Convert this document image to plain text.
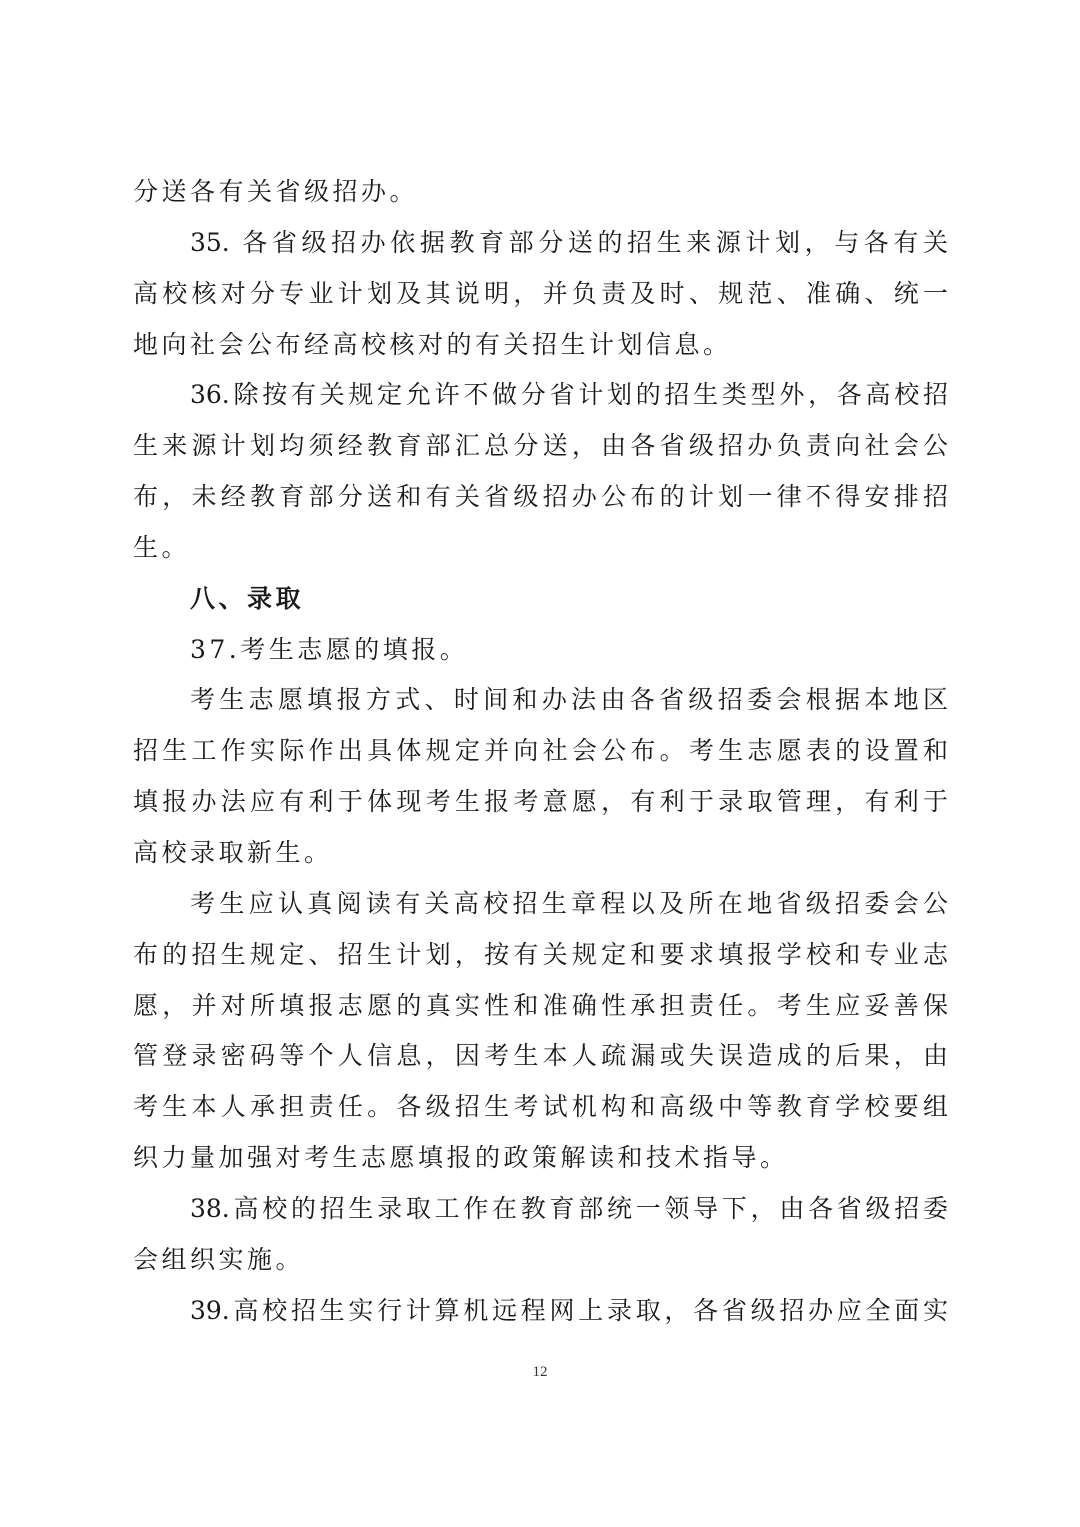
分送各有关省级招办。
35. 各省级招办依据教育部分送的招生来源计划，与各有关
高校核对分专业计划及其说明，并负责及时、规范、准确、统一
地向社会公布经高校核对的有关招生计划信息。
36.除按有关规定允许不做分省计划的招生类型外，各高校招
生来源计划均须经教育部汇总分送，由各省级招办负责向社会公
布，未经教育部分送和有关省级招办公布的计划一律不得安排招
生。
八、录取
37.考生志愿的填报。
考生志愿填报方式、时间和办法由各省级招委会根据本地区
招生工作实际作出具体规定并向社会公布。考生志愿表的设置和
填报办法应有利于体现考生报考意愿，有利于录取管理，有利于
高校录取新生。
考生应认真阅读有关高校招生章程以及所在地省级招委会公
布的招生规定、招生计划，按有关规定和要求填报学校和专业志
愿，并对所填报志愿的真实性和准确性承担责任。考生应妥善保
管登录密码等个人信息，因考生本人疏漏或失误造成的后果，由
考生本人承担责任。各级招生考试机构和高级中等教育学校要组
织力量加强对考生志愿填报的政策解读和技术指导。
38.高校的招生录取工作在教育部统一领导下，由各省级招委
会组织实施。
39.高校招生实行计算机远程网上录取，各省级招办应全面实
12
